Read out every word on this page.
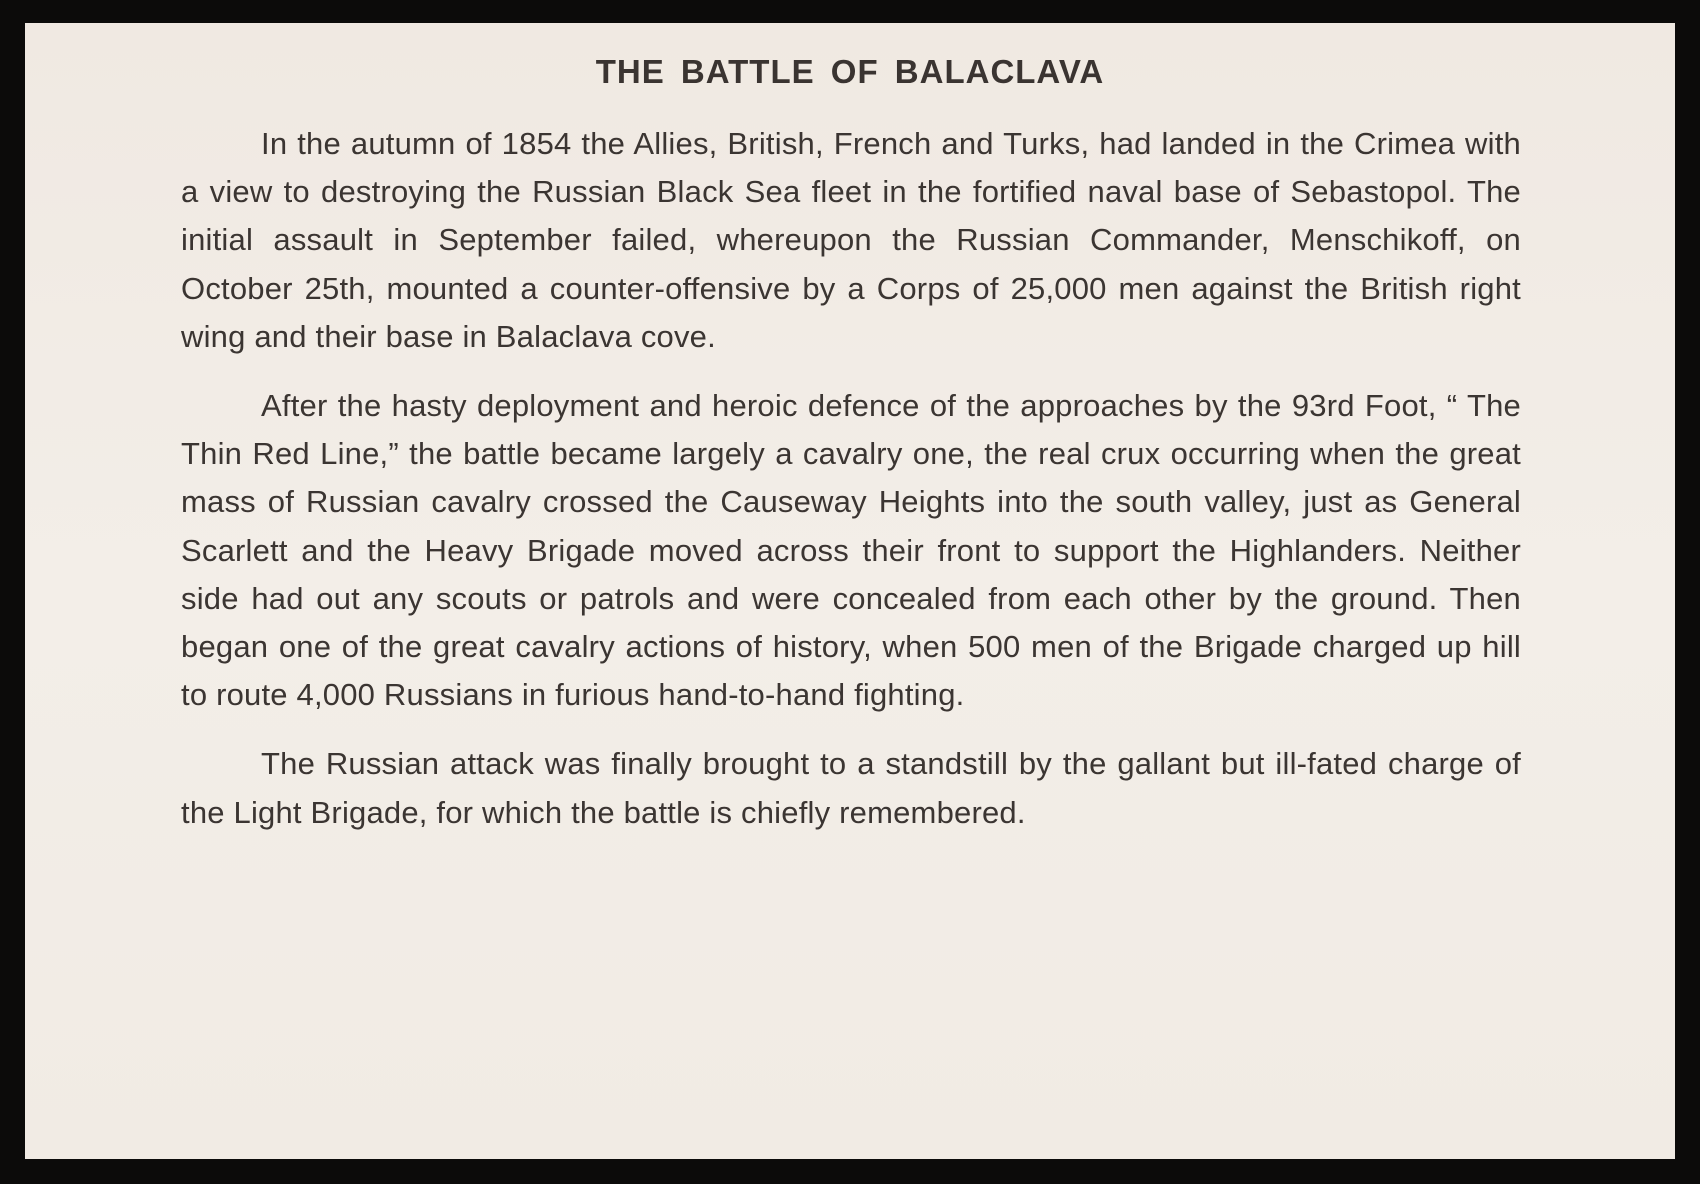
THE BATTLE OF BALACLAVA

In the autumn of 1854 the Allies, British, French and Turks, had landed in the Crimea with a view to destroying the Russian Black Sea fleet in the fortified naval base of Sebastopol. The initial assault in September failed, whereupon the Russian Commander, Menschikoff, on October 25th, mounted a counter-offensive by a Corps of 25,000 men against the British right wing and their base in Balaclava cove.

After the hasty deployment and heroic defence of the approaches by the 93rd Foot, “ The Thin Red Line,” the battle became largely a cavalry one, the real crux occurring when the great mass of Russian cavalry crossed the Causeway Heights into the south valley, just as General Scarlett and the Heavy Brigade moved across their front to support the Highlanders. Neither side had out any scouts or patrols and were concealed from each other by the ground. Then began one of the great cavalry actions of history, when 500 men of the Brigade charged up hill to route 4,000 Russians in furious hand-to-hand fighting.

The Russian attack was finally brought to a standstill by the gallant but ill-fated charge of the Light Brigade, for which the battle is chiefly remembered.
